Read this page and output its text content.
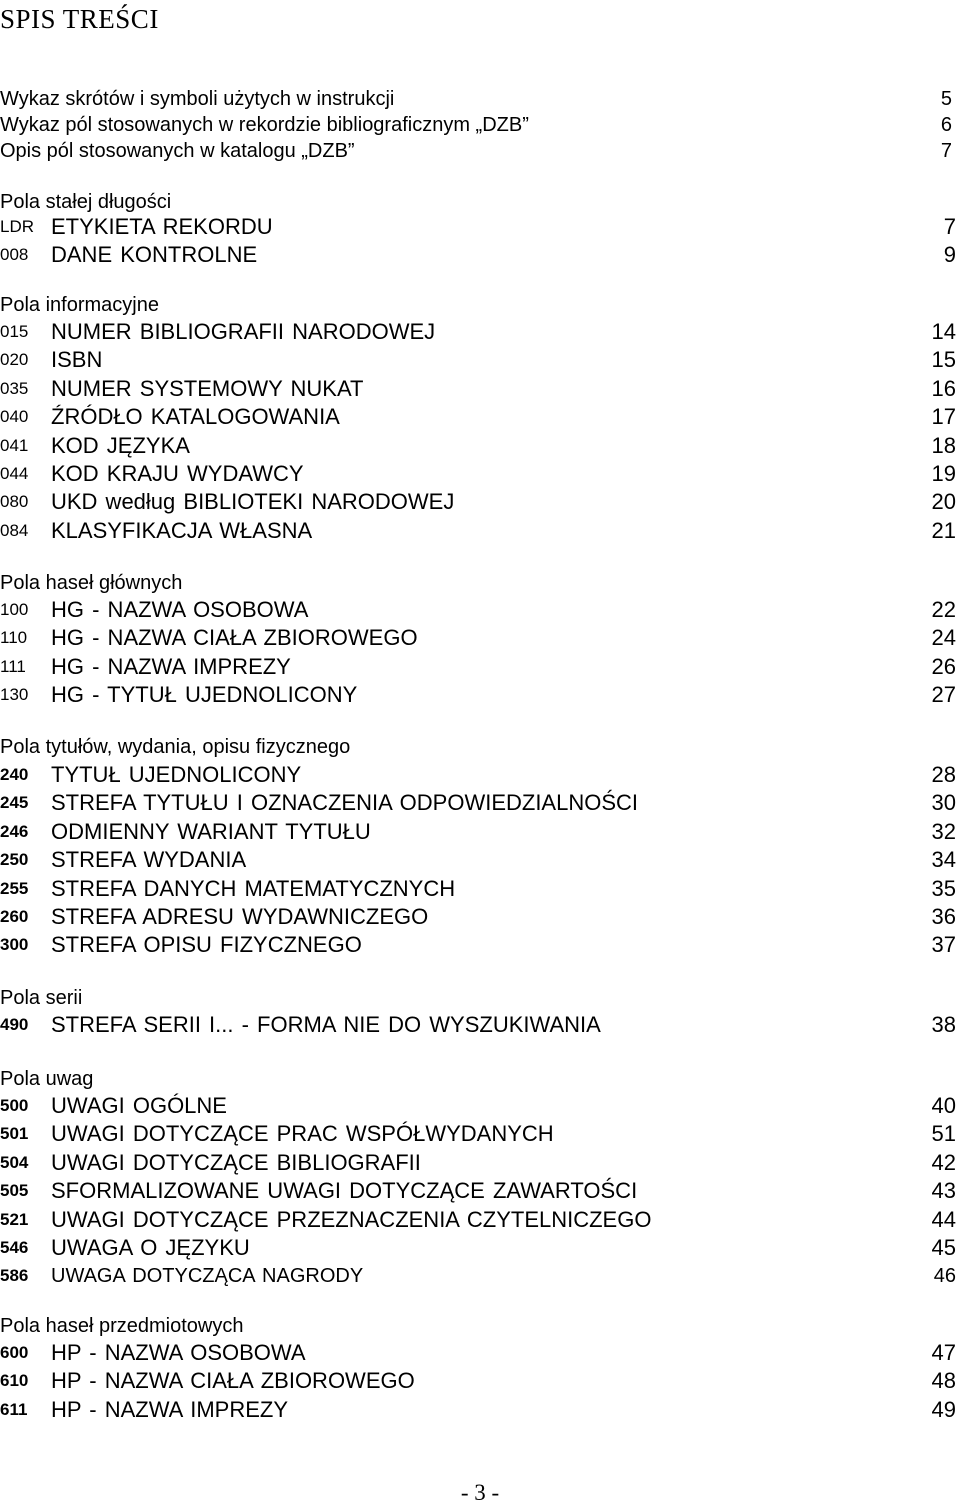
SPIS TREŚCI
Wykaz skrótów i symboli użytych w instrukcji	5
Wykaz pól stosowanych w rekordzie bibliograficznym „DZB”	6
Opis pól stosowanych w katalogu „DZB”	7
Pola stałej długości
LDR ETYKIETA REKORDU	7
008	DANE KONTROLNE	9
Pola informacyjne
015	NUMER BIBLIOGRAFII NARODOWEJ	14
020	ISBN	15
035	NUMER SYSTEMOWY NUKAT	16
040	ŹRÓDŁO KATALOGOWANIA	17
041	KOD JĘZYKA	18
044	KOD KRAJU WYDAWCY	19
080	UKD według BIBLIOTEKI NARODOWEJ	20
084	KLASYFIKACJA WŁASNA	21
Pola haseł głównych
100	HG - NAZWA OSOBOWA	22
110	HG - NAZWA CIAŁA ZBIOROWEGO	24
111	HG - NAZWA IMPREZY	26
130	HG - TYTUŁ UJEDNOLICONY	27
Pola tytułów, wydania, opisu fizycznego
240	TYTUŁ UJEDNOLICONY	28
245	STREFA TYTUŁU I OZNACZENIA ODPOWIEDZIALNOŚCI	30
246	ODMIENNY WARIANT TYTUŁU	32
250	STREFA WYDANIA	34
255	STREFA DANYCH MATEMATYCZNYCH	35
260	STREFA ADRESU WYDAWNICZEGO	36
300	STREFA OPISU FIZYCZNEGO	37
Pola serii
490	STREFA SERII I... - FORMA NIE DO WYSZUKIWANIA	38
Pola uwag
500	UWAGI OGÓLNE	40
501	UWAGI DOTYCZĄCE PRAC WSPÓŁWYDANYCH	51
504	UWAGI DOTYCZĄCE BIBLIOGRAFII	42
505	SFORMALIZOWANE UWAGI DOTYCZĄCE ZAWARTOŚCI	43
521	UWAGI DOTYCZĄCE PRZEZNACZENIA CZYTELNICZEGO	44
546	UWAGA O JĘZYKU	45
586	UWAGA DOTYCZĄCA NAGRODY	46
Pola haseł przedmiotowych
600	HP - NAZWA OSOBOWA	47
610	HP - NAZWA CIAŁA ZBIOROWEGO	48
611	HP - NAZWA IMPREZY	49
- 3 -
